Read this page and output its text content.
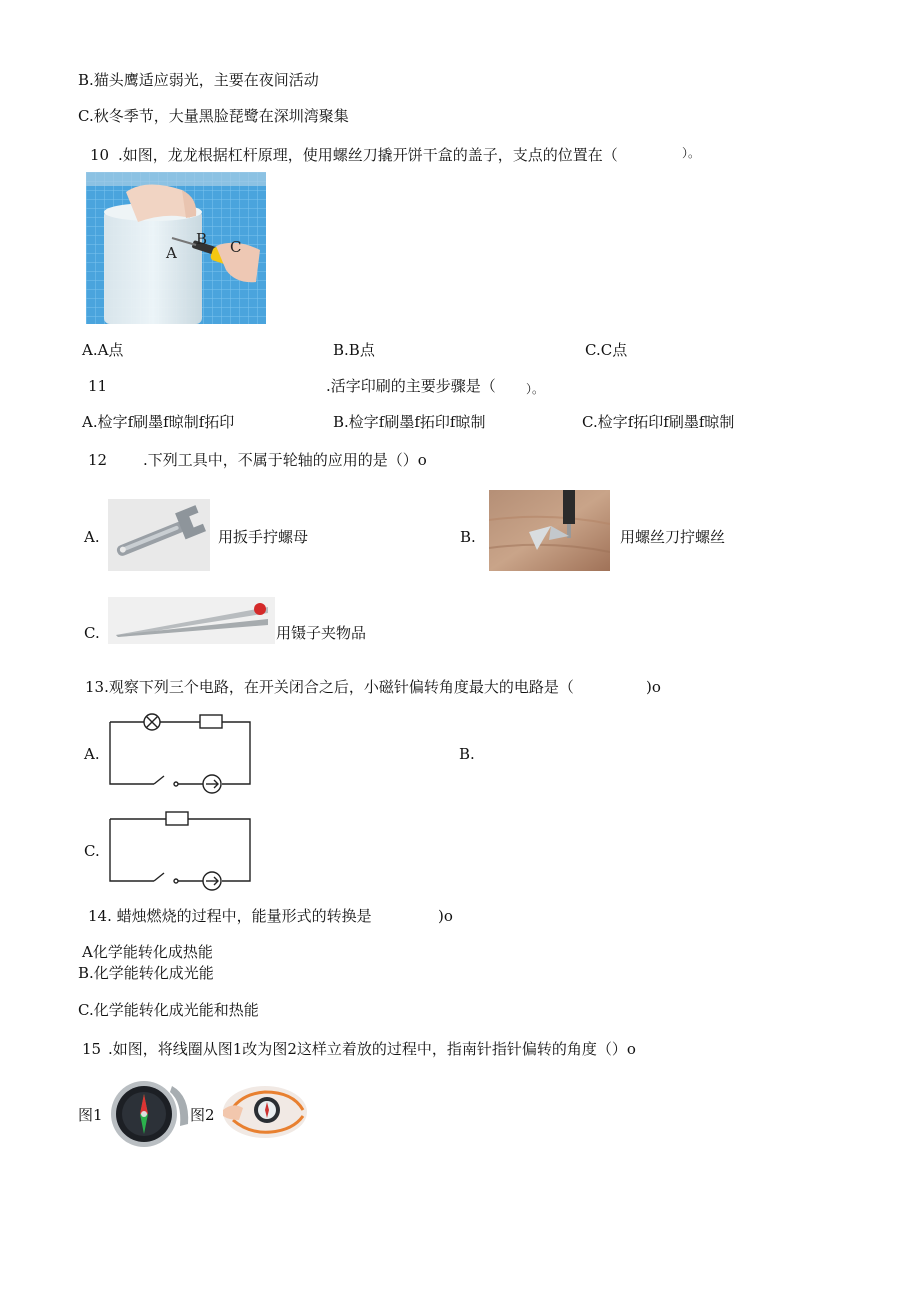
B.猫头鹰适应弱光，主要在夜间活动
C.秋冬季节，大量黑脸琵鹭在深圳湾聚集
10 .如图，龙龙根据杠杆原理，使用螺丝刀撬开饼干盒的盖子，支点的位置在（	）。
A
B C
A.A点	B.B点	C.C点
11	.活字印刷的主要步骤是（	）。
A.检字f刷墨f晾制f拓印	B.检字f刷墨f拓印f晾制	C.检字f拓印f刷墨f晾制
12 .下列工具中，不属于轮轴的应用的是（）o
A.	用扳手拧螺母	B.	用螺丝刀拧螺丝
C.	用镊子夹物品
13.观察下列三个电路，在开关闭合之后，小磁针偏转角度最大的电路是（	)o
A.	B.
C.
14. 蜡烛燃烧的过程中，能量形式的转换是	)o
A化学能转化成热能
B.化学能转化成光能
C.化学能转化成光能和热能
15 .如图，将线圈从图1改为图2这样立着放的过程中，指南针指针偏转的角度（）o
图1	图2
